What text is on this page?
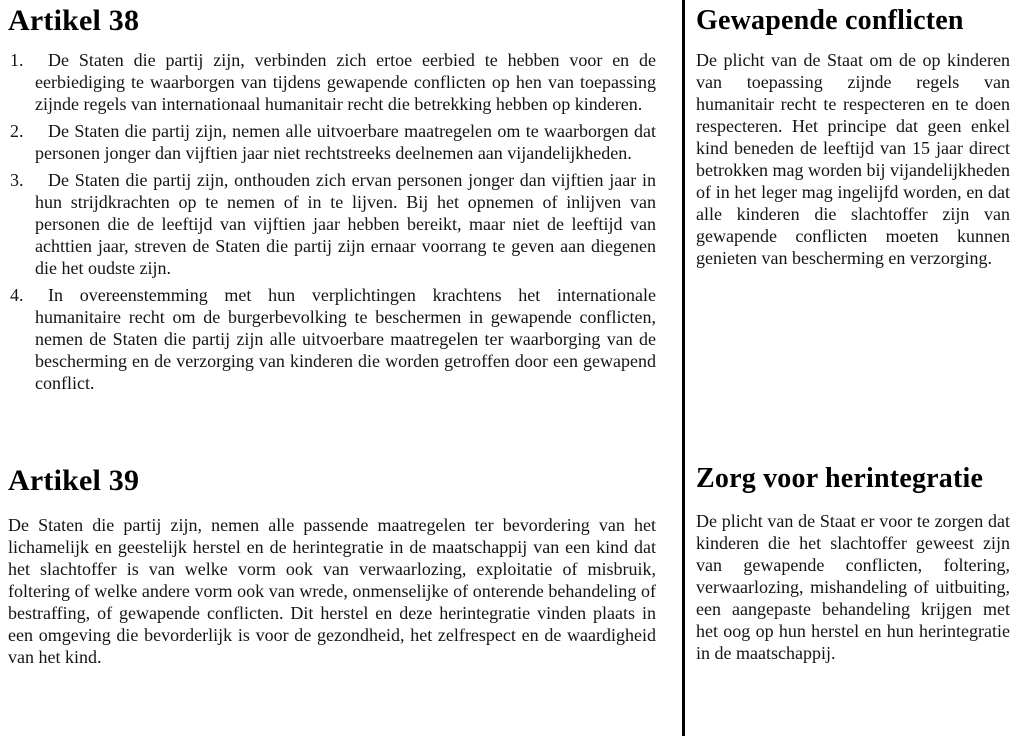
Artikel 38
1.	De Staten die partij zijn, verbinden zich ertoe eerbied te hebben voor en de eerbiediging te waarborgen van tijdens gewapende conflicten op hen van toepassing zijnde regels van internationaal humanitair recht die betrekking hebben op kinderen.
2.	De Staten die partij zijn, nemen alle uitvoerbare maatregelen om te waarborgen dat personen jonger dan vijftien jaar niet rechtstreeks deelnemen aan vijandelijkheden.
3.	De Staten die partij zijn, onthouden zich ervan personen jonger dan vijftien jaar in hun strijdkrachten op te nemen of in te lijven. Bij het opnemen of inlijven van personen die de leeftijd van vijftien jaar hebben bereikt, maar niet de leeftijd van achttien jaar, streven de Staten die partij zijn ernaar voorrang te geven aan diegenen die het oudste zijn.
4.	In overeenstemming met hun verplichtingen krachtens het internationale humanitaire recht om de burgerbevolking te beschermen in gewapende conflicten, nemen de Staten die partij zijn alle uitvoerbare maatregelen ter waarborging van de bescherming en de verzorging van kinderen die worden getroffen door een gewapend conflict.
Artikel 39

De Staten die partij zijn, nemen alle passende maatregelen ter bevordering van het lichamelijk en geestelijk herstel en de herintegratie in de maatschappij van een kind dat het slachtoffer is van welke vorm ook van verwaarlozing, exploitatie of misbruik, foltering of welke andere vorm ook van wrede, onmenselijke of onterende behandeling of bestraffing, of gewapende conflicten. Dit herstel en deze herintegratie vinden plaats in een omgeving die bevorderlijk is voor de gezondheid, het zelfrespect en de waardigheid van het kind.

Gewapende conflicten

De plicht van de Staat om de op kinderen van toepassing zijnde regels van humanitair recht te respecteren en te doen respecteren. Het principe dat geen enkel kind beneden de leeftijd van 15 jaar direct betrokken mag worden bij vijandelijkheden of in het leger mag ingelijfd worden, en dat alle kinderen die slachtoffer zijn van gewapende conflicten moeten kunnen genieten van bescherming en verzorging.

Zorg voor herintegratie

De plicht van de Staat er voor te zorgen dat kinderen die het slachtoffer geweest zijn van gewapende conflicten, foltering, verwaarlozing, mishandeling of uitbuiting, een aangepaste behandeling krijgen met het oog op hun herstel en hun herintegratie in de maatschappij.
